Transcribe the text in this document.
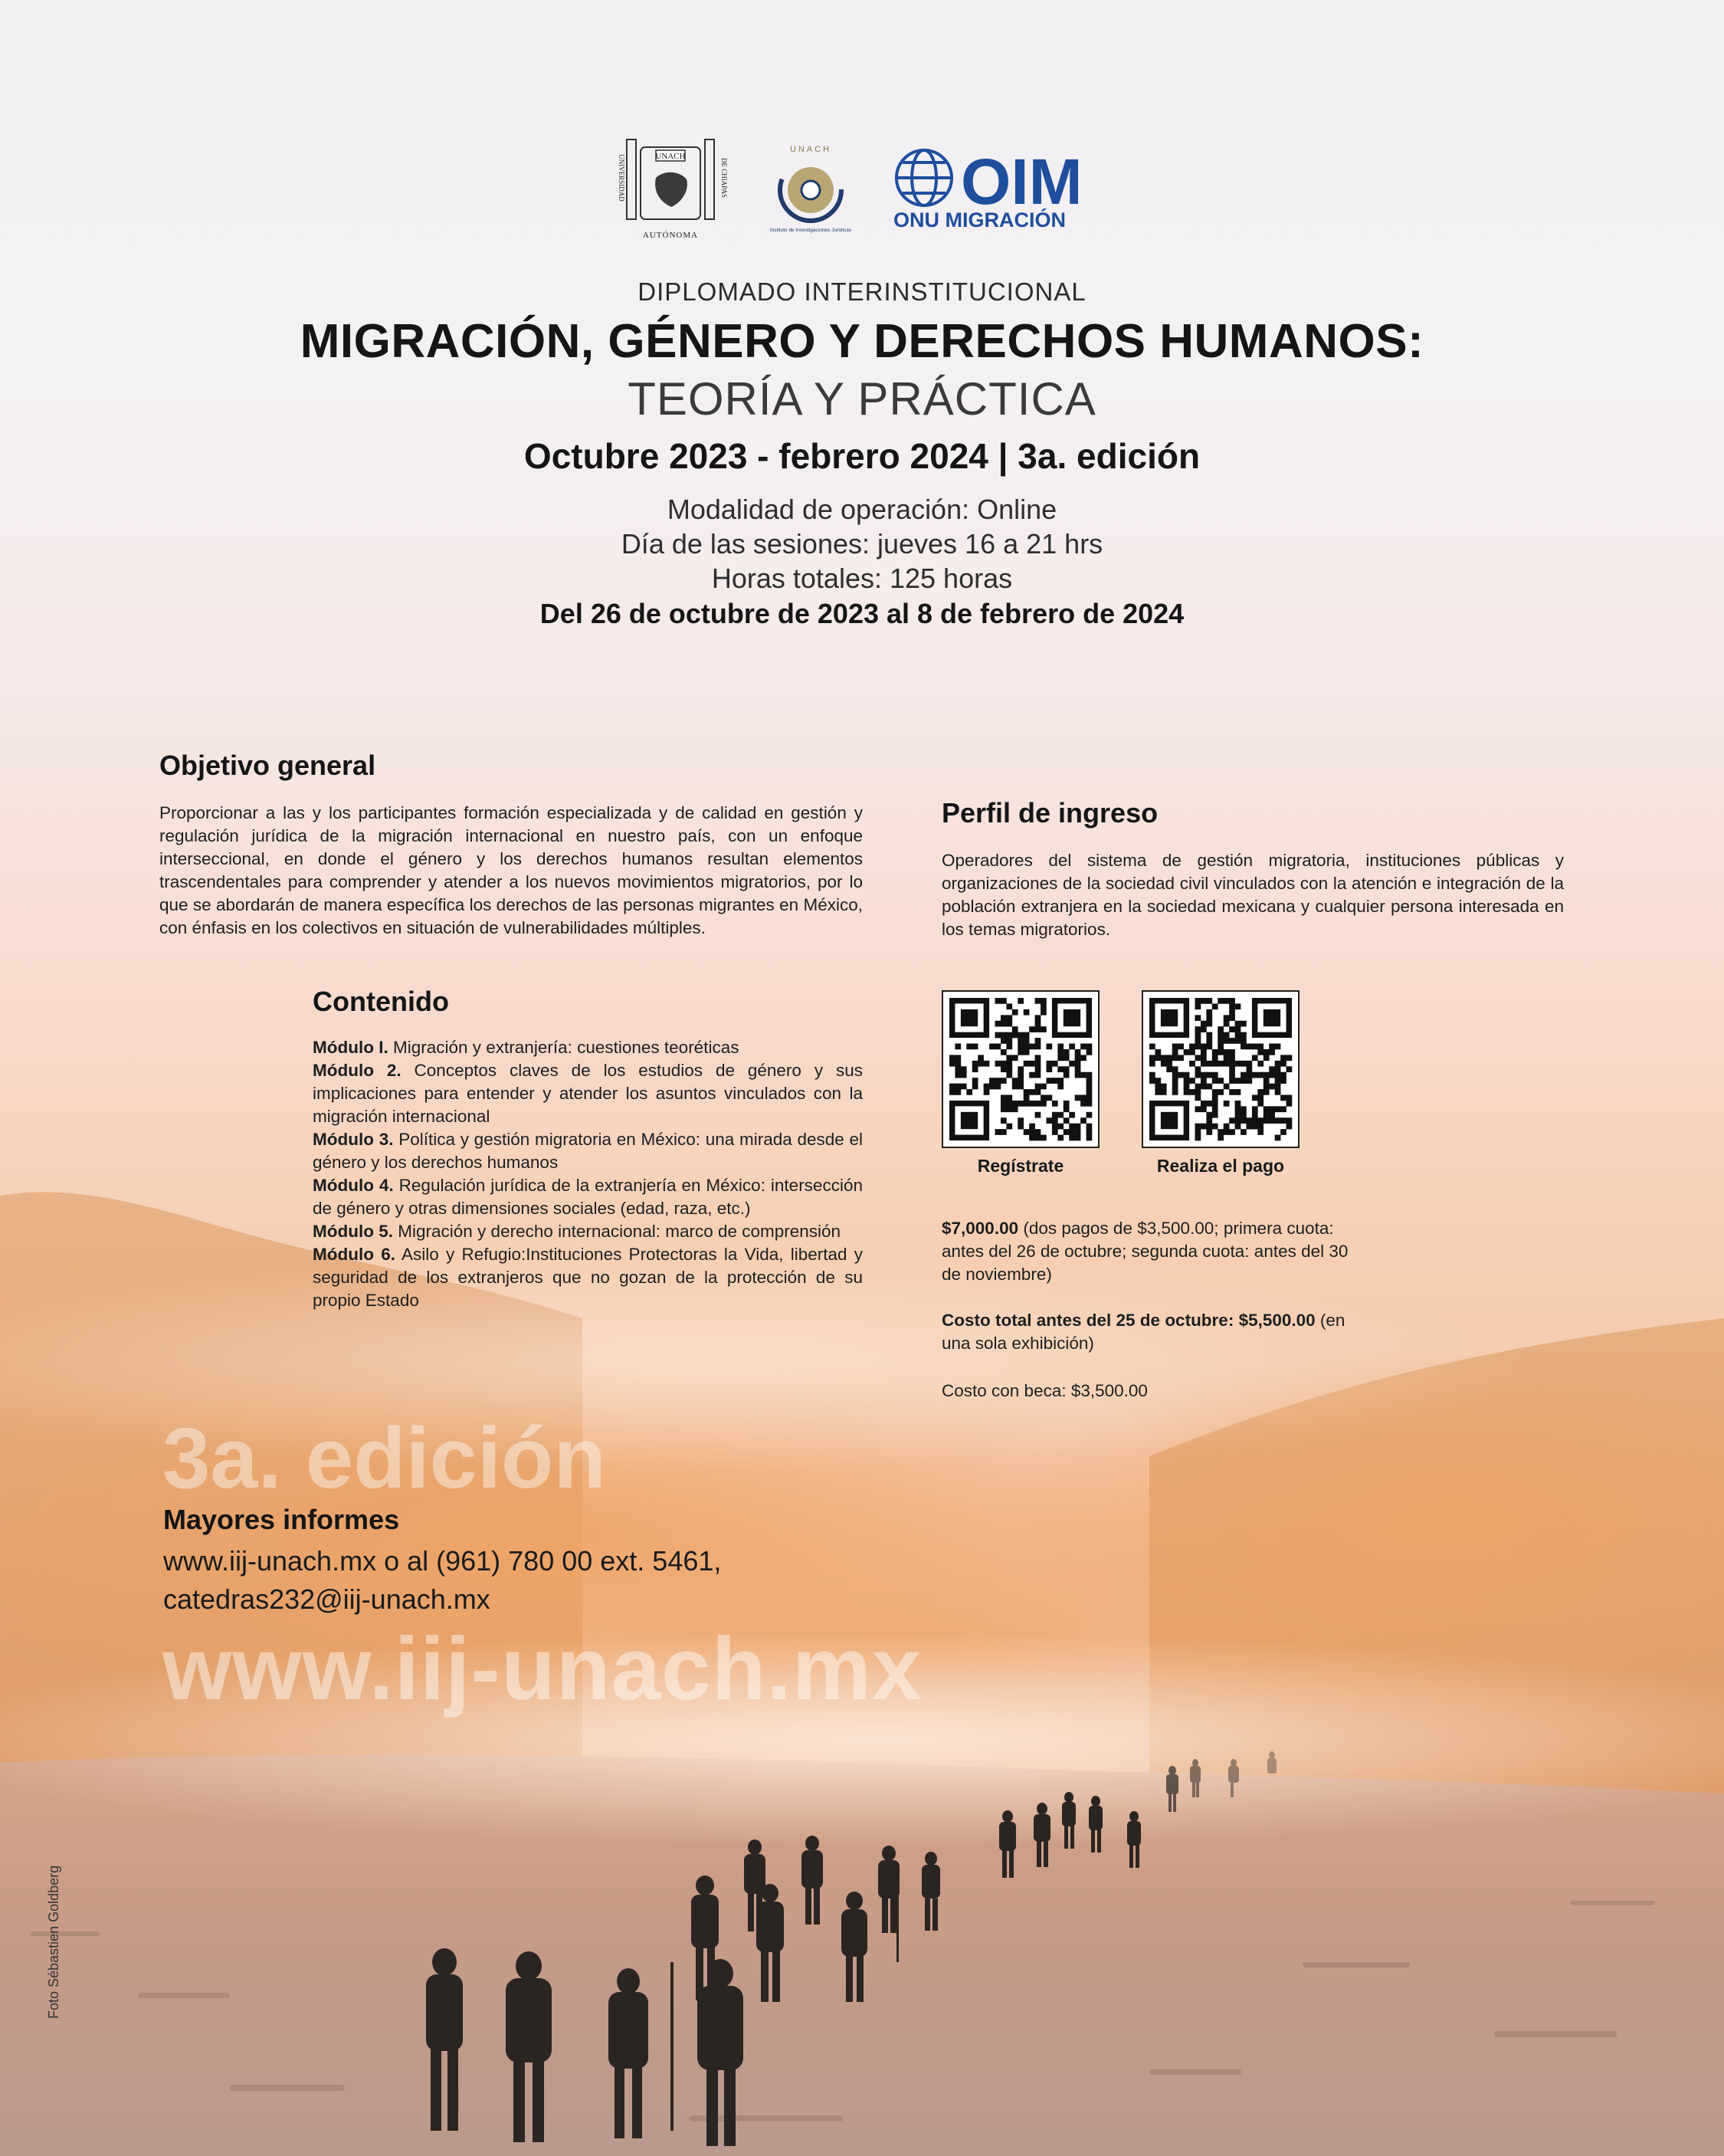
UNACH
UNIVERSIDAD	DE CHIAPAS
AUTÓNOMA
UNACH
Instituto de Investigaciones Jurídicas
OIM
ONU MIGRACIÓN
DIPLOMADO INTERINSTITUCIONAL
MIGRACIÓN, GÉNERO Y DERECHOS HUMANOS:
TEORÍA Y PRÁCTICA
Octubre 2023 - febrero 2024 | 3a. edición
Modalidad de operación: Online
Día de las sesiones: jueves 16 a 21 hrs
Horas totales: 125 horas
Del 26 de octubre de 2023 al 8 de febrero de 2024
Objetivo general

Proporcionar a las y los participantes formación especializada y de calidad en gestión y regulación jurídica de la migración internacional en nuestro país, con un enfoque interseccional, en donde el género y los derechos humanos resultan elementos trascendentales para comprender y atender a los nuevos movimientos migratorios, por lo que se abordarán de manera específica los derechos de las personas migrantes en México, con énfasis en los colectivos en situación de vulnerabilidades múltiples.

Contenido

Módulo I. Migración y extranjería: cuestiones teoréticas

Módulo 2. Conceptos claves de los estudios de género y sus implicaciones para entender y atender los asuntos vinculados con la migración internacional

Módulo 3. Política y gestión migratoria en México: una mirada desde el género y los derechos humanos

Módulo 4. Regulación jurídica de la extranjería en México: intersección de género y otras dimensiones sociales (edad, raza, etc.)

Módulo 5. Migración y derecho internacional: marco de comprensión

Módulo 6. Asilo y Refugio:Instituciones Protectoras la Vida, libertad y seguridad de los extranjeros que no gozan de la protección de su propio Estado

Perfil de ingreso

Operadores del sistema de gestión migratoria, instituciones públicas y organizaciones de la sociedad civil vinculados con la atención e integración de la población extranjera en la sociedad mexicana y cualquier persona interesada en los temas migratorios.

Regístrate	Realiza el pago

$7,000.00 (dos pagos de $3,500.00; primera cuota: antes del 26 de octubre; segunda cuota: antes del 30 de noviembre)

Costo total antes del 25 de octubre: $5,500.00 (en una sola exhibición)

Costo con beca: $3,500.00

3a. edición
Mayores informes
www.iij-unach.mx o al (961) 780 00 ext. 5461,
catedras232@iij-unach.mx
www.iij-unach.mx
Foto Sébastien Goldberg
